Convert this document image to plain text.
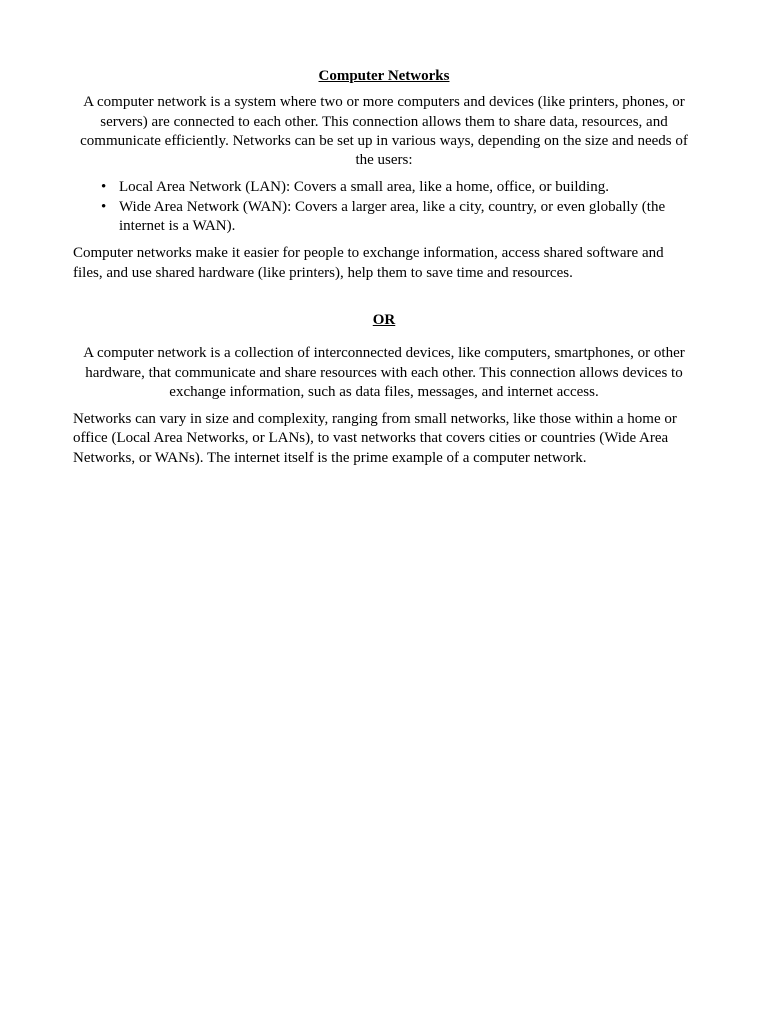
Computer Networks

A computer network is a system where two or more computers and devices (like printers, phones, or servers) are connected to each other. This connection allows them to share data, resources, and communicate efficiently. Networks can be set up in various ways, depending on the size and needs of the users:

• Local Area Network (LAN): Covers a small area, like a home, office, or building.
• Wide Area Network (WAN): Covers a larger area, like a city, country, or even globally (the internet is a WAN).

Computer networks make it easier for people to exchange information, access shared software and files, and use shared hardware (like printers), help them to save time and resources.

OR

A computer network is a collection of interconnected devices, like computers, smartphones, or other hardware, that communicate and share resources with each other. This connection allows devices to exchange information, such as data files, messages, and internet access.

Networks can vary in size and complexity, ranging from small networks, like those within a home or office (Local Area Networks, or LANs), to vast networks that covers cities or countries (Wide Area Networks, or WANs). The internet itself is the prime example of a computer network.
